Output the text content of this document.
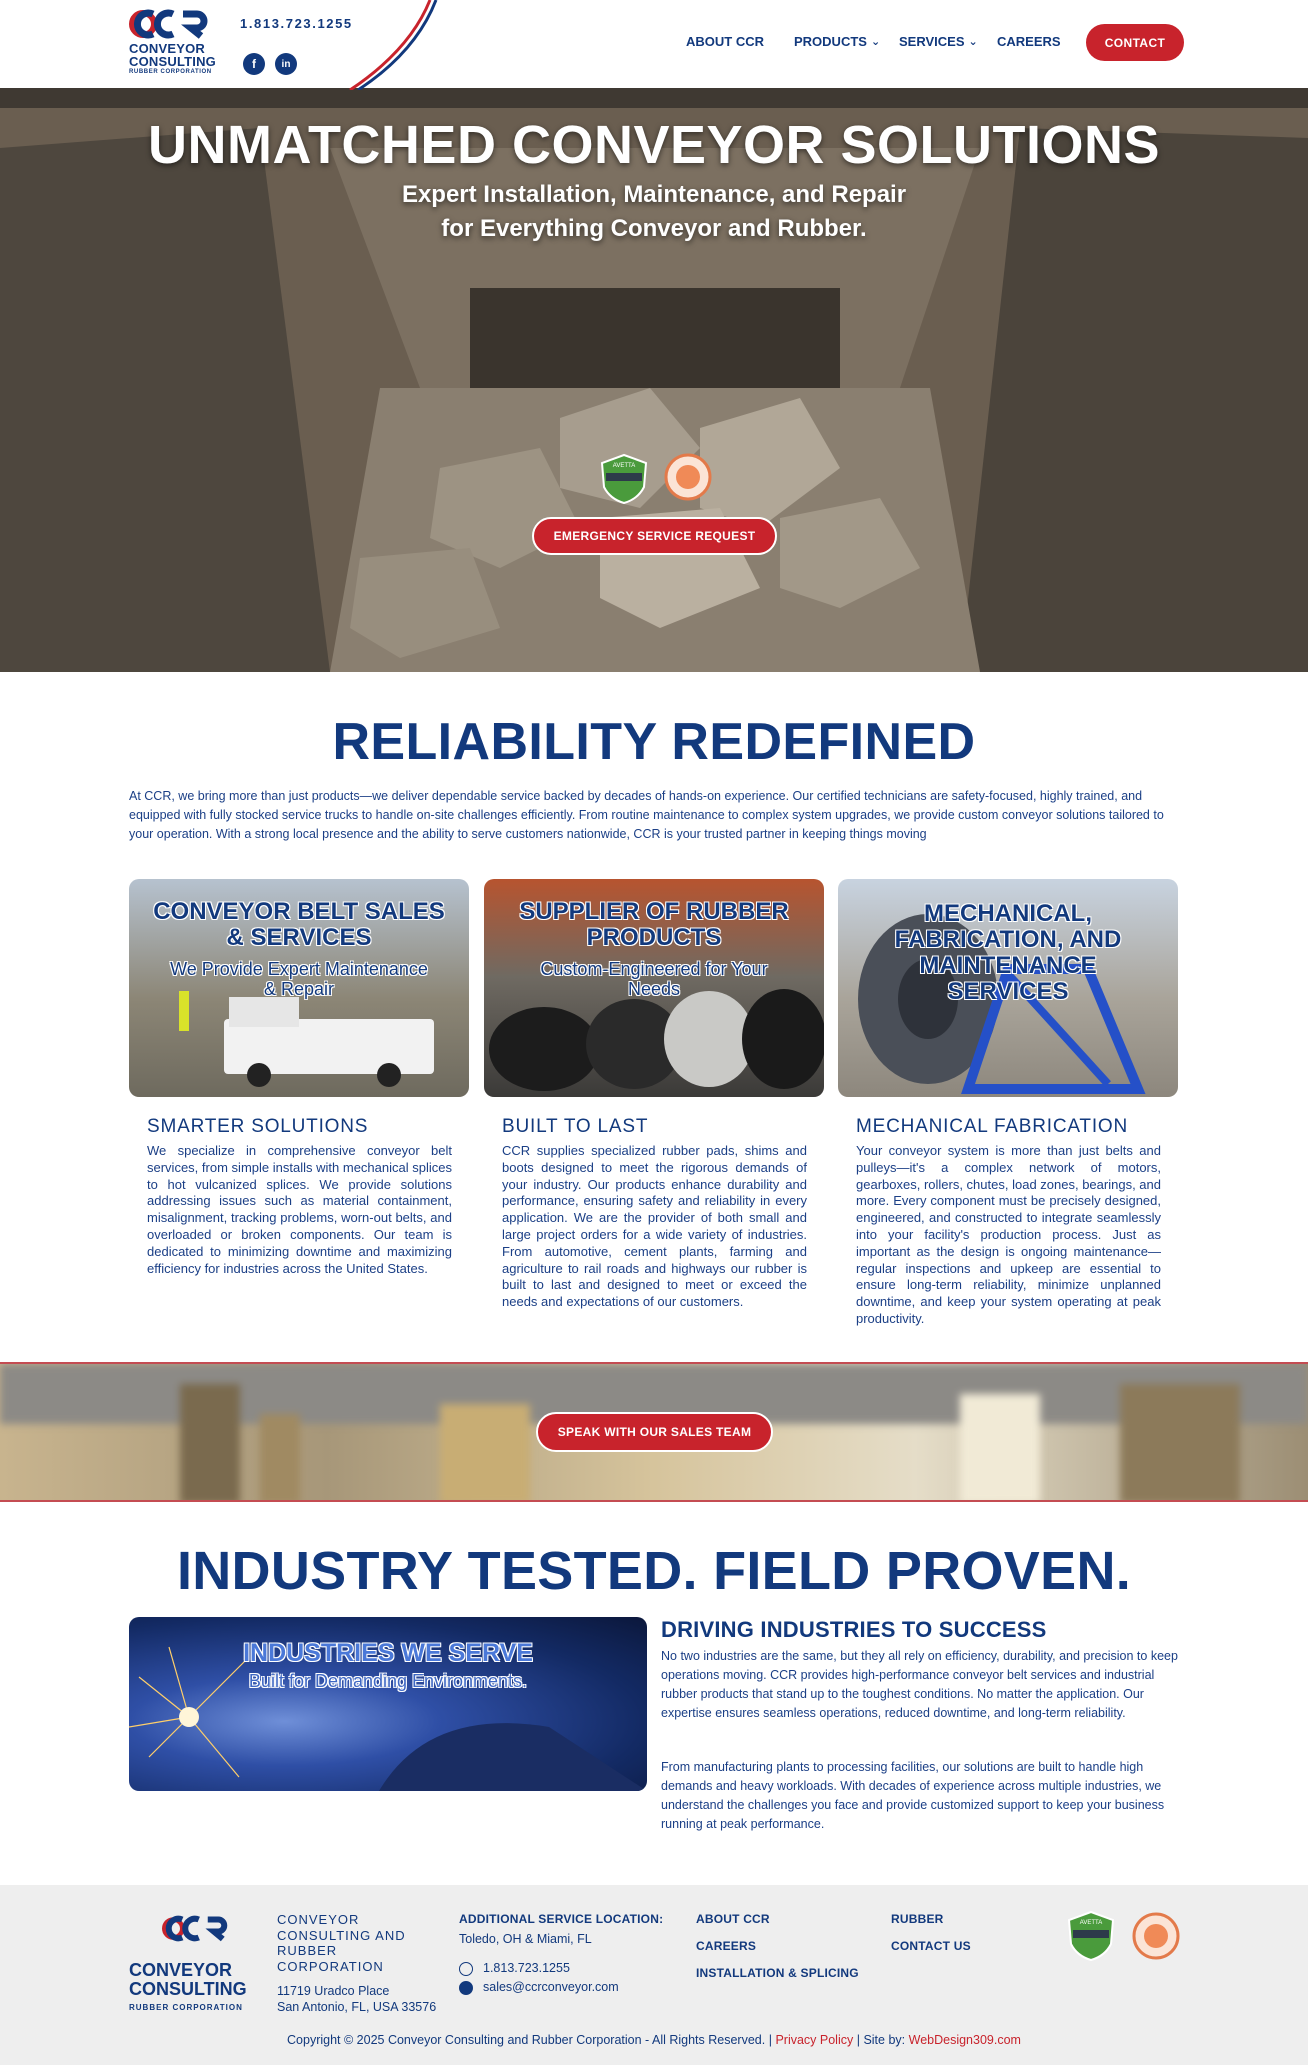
CONVEYOR
CONSULTING
RUBBER CORPORATION
1.813.723.1255
f	in
ABOUT CCR PRODUCTS ⌄ SERVICES ⌄ CAREERS	CONTACT
UNMATCHED CONVEYOR SOLUTIONS
Expert Installation, Maintenance, and Repair
for Everything Conveyor and Rubber.
AVETTA
EMERGENCY SERVICE REQUEST
RELIABILITY REDEFINED
At CCR, we bring more than just products—we deliver dependable service backed by decades of hands-on experience. Our certified technicians are safety-focused, highly trained, and equipped with fully stocked service trucks to handle on-site challenges efficiently. From routine maintenance to complex system upgrades, we provide custom conveyor solutions tailored to your operation. With a strong local presence and the ability to serve customers nationwide, CCR is your trusted partner in keeping things moving
CONVEYOR BELT SALES
& SERVICES
We Provide Expert Maintenance
& Repair
SUPPLIER OF RUBBER
PRODUCTS
Custom-Engineered for Your
Needs
MECHANICAL,
FABRICATION, AND
MAINTENANCE
SERVICES
SMARTER SOLUTIONS
We specialize in comprehensive conveyor belt services, from simple installs with mechanical splices to hot vulcanized splices. We provide solutions addressing issues such as material containment, misalignment, tracking problems, worn-out belts, and overloaded or broken components. Our team is dedicated to minimizing downtime and maximizing efficiency for industries across the United States.
BUILT TO LAST
CCR supplies specialized rubber pads, shims and boots designed to meet the rigorous demands of your industry. Our products enhance durability and performance, ensuring safety and reliability in every application. We are the provider of both small and large project orders for a wide variety of industries. From automotive, cement plants, farming and agriculture to rail roads and highways our rubber is built to last and designed to meet or exceed the needs and expectations of our customers.
MECHANICAL FABRICATION
Your conveyor system is more than just belts and pulleys—it's a complex network of motors, gearboxes, rollers, chutes, load zones, bearings, and more. Every component must be precisely designed, engineered, and constructed to integrate seamlessly into your facility's production process. Just as important as the design is ongoing maintenance—regular inspections and upkeep are essential to ensure long-term reliability, minimize unplanned downtime, and keep your system operating at peak productivity.
SPEAK WITH OUR SALES TEAM
INDUSTRY TESTED. FIELD PROVEN.
INDUSTRIES WE SERVE
Built for Demanding Environments.
DRIVING INDUSTRIES TO SUCCESS
No two industries are the same, but they all rely on efficiency, durability, and precision to keep operations moving. CCR provides high-performance conveyor belt services and industrial rubber products that stand up to the toughest conditions. No matter the application. Our expertise ensures seamless operations, reduced downtime, and long-term reliability.
From manufacturing plants to processing facilities, our solutions are built to handle high demands and heavy workloads. With decades of experience across multiple industries, we understand the challenges you face and provide customized support to keep your business running at peak performance.
CONVEYOR
CONSULTING
RUBBER CORPORATION
CONVEYOR
CONSULTING AND
RUBBER
CORPORATION
11719 Uradco Place
San Antonio, FL, USA 33576
ADDITIONAL SERVICE LOCATION:
Toledo, OH & Miami, FL
1.813.723.1255
sales@ccrconveyor.com
ABOUT CCR
CAREERS
INSTALLATION & SPLICING
RUBBER
CONTACT US
AVETTA
Copyright © 2025 Conveyor Consulting and Rubber Corporation - All Rights Reserved. | Privacy Policy | Site by: WebDesign309.com
